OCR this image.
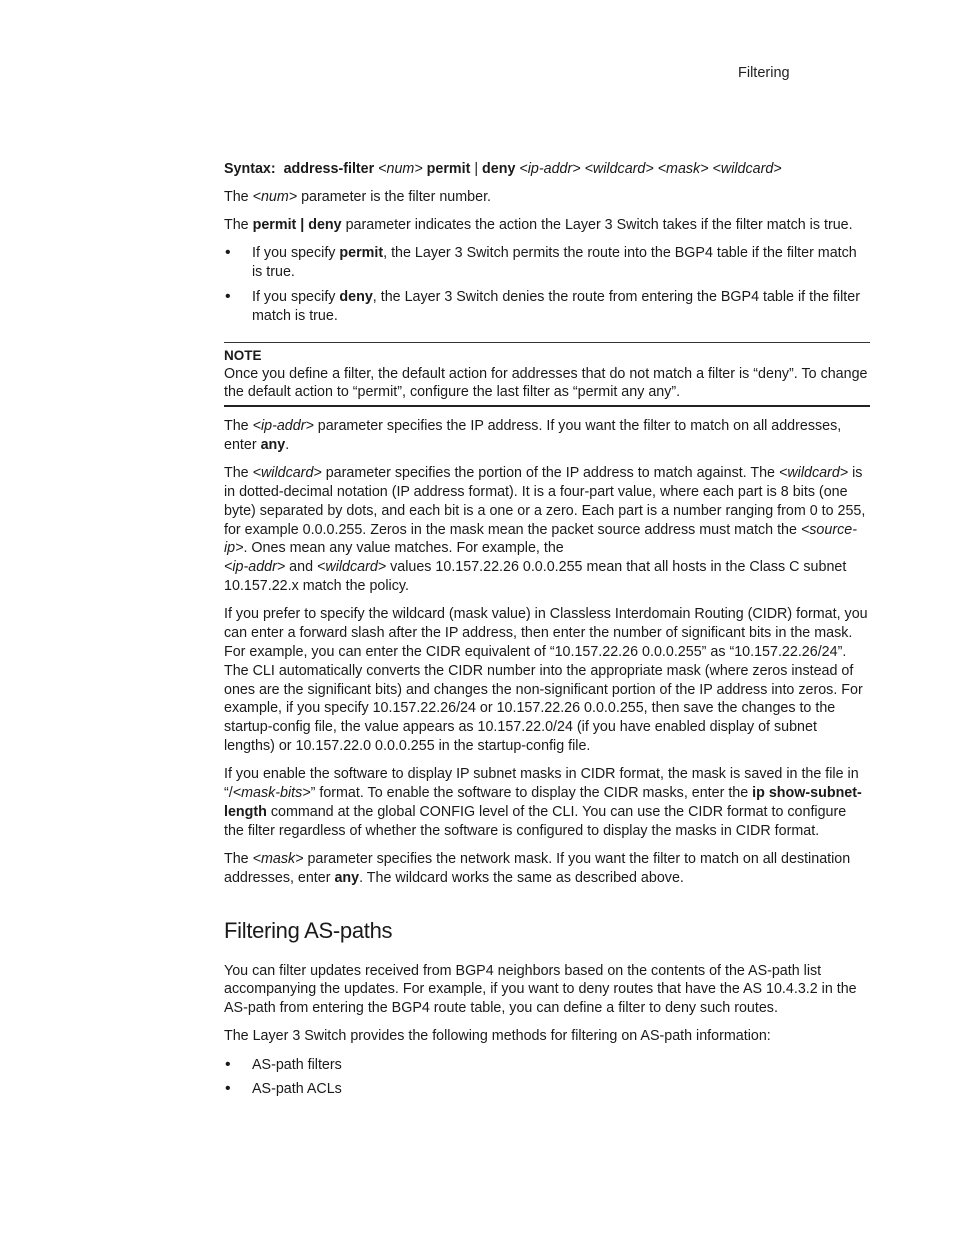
Filtering

Syntax: address-filter <num> permit | deny <ip-addr> <wildcard> <mask> <wildcard>

The <num> parameter is the filter number.

The permit | deny parameter indicates the action the Layer 3 Switch takes if the filter match is true.

• If you specify permit, the Layer 3 Switch permits the route into the BGP4 table if the filter match is true.
• If you specify deny, the Layer 3 Switch denies the route from entering the BGP4 table if the filter match is true.
NOTE

Once you define a filter, the default action for addresses that do not match a filter is “deny”. To change the default action to “permit”, configure the last filter as “permit any any”.

The <ip-addr> parameter specifies the IP address. If you want the filter to match on all addresses, enter any.

The <wildcard> parameter specifies the portion of the IP address to match against. The <wildcard> is in dotted-decimal notation (IP address format). It is a four-part value, where each part is 8 bits (one byte) separated by dots, and each bit is a one or a zero. Each part is a number ranging from 0 to 255, for example 0.0.0.255. Zeros in the mask mean the packet source address must match the <source-ip>. Ones mean any value matches. For example, the
<ip-addr> and <wildcard> values 10.157.22.26 0.0.0.255 mean that all hosts in the Class C subnet 10.157.22.x match the policy.

If you prefer to specify the wildcard (mask value) in Classless Interdomain Routing (CIDR) format, you can enter a forward slash after the IP address, then enter the number of significant bits in the mask. For example, you can enter the CIDR equivalent of “10.157.22.26 0.0.0.255” as “10.157.22.26/24”. The CLI automatically converts the CIDR number into the appropriate mask (where zeros instead of ones are the significant bits) and changes the non-significant portion of the IP address into zeros. For example, if you specify 10.157.22.26/24 or 10.157.22.26 0.0.0.255, then save the changes to the startup-config file, the value appears as 10.157.22.0/24 (if you have enabled display of subnet lengths) or 10.157.22.0 0.0.0.255 in the startup-config file.

If you enable the software to display IP subnet masks in CIDR format, the mask is saved in the file in “/<mask-bits>” format. To enable the software to display the CIDR masks, enter the ip show-subnet-length command at the global CONFIG level of the CLI. You can use the CIDR format to configure the filter regardless of whether the software is configured to display the masks in CIDR format.

The <mask> parameter specifies the network mask. If you want the filter to match on all destination addresses, enter any. The wildcard works the same as described above.

Filtering AS-paths

You can filter updates received from BGP4 neighbors based on the contents of the AS-path list accompanying the updates. For example, if you want to deny routes that have the AS 10.4.3.2 in the AS-path from entering the BGP4 route table, you can define a filter to deny such routes.

The Layer 3 Switch provides the following methods for filtering on AS-path information:

• AS-path filters
• AS-path ACLs
